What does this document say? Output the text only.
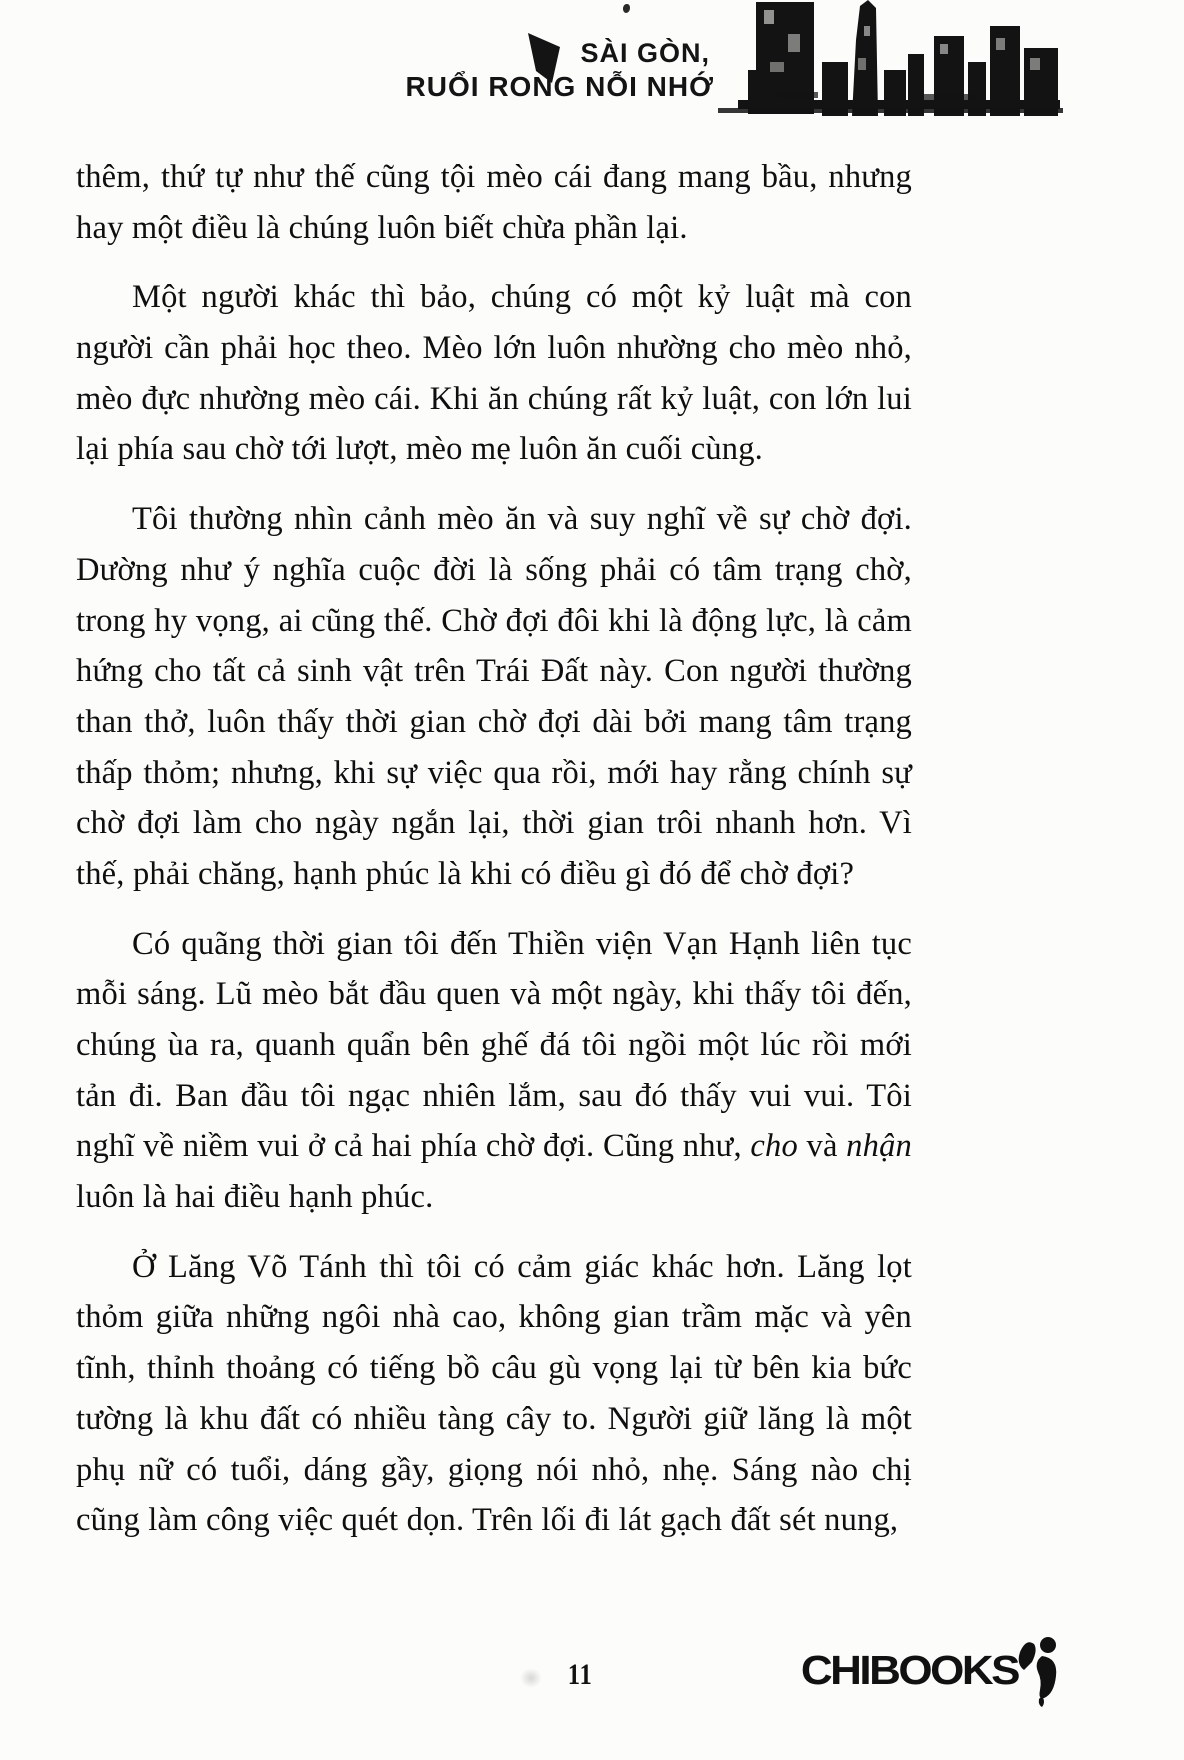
SÀI GÒN,
RUỔI RONG NỖI NHỚ

thêm, thứ tự như thế cũng tội mèo cái đang mang bầu, nhưng hay một điều là chúng luôn biết chừa phần lại.

Một người khác thì bảo, chúng có một kỷ luật mà con người cần phải học theo. Mèo lớn luôn nhường cho mèo nhỏ, mèo đực nhường mèo cái. Khi ăn chúng rất kỷ luật, con lớn lui lại phía sau chờ tới lượt, mèo mẹ luôn ăn cuối cùng.

Tôi thường nhìn cảnh mèo ăn và suy nghĩ về sự chờ đợi. Dường như ý nghĩa cuộc đời là sống phải có tâm trạng chờ, trong hy vọng, ai cũng thế. Chờ đợi đôi khi là động lực, là cảm hứng cho tất cả sinh vật trên Trái Đất này. Con người thường than thở, luôn thấy thời gian chờ đợi dài bởi mang tâm trạng thấp thỏm; nhưng, khi sự việc qua rồi, mới hay rằng chính sự chờ đợi làm cho ngày ngắn lại, thời gian trôi nhanh hơn. Vì thế, phải chăng, hạnh phúc là khi có điều gì đó để chờ đợi?

Có quãng thời gian tôi đến Thiền viện Vạn Hạnh liên tục mỗi sáng. Lũ mèo bắt đầu quen và một ngày, khi thấy tôi đến, chúng ùa ra, quanh quẩn bên ghế đá tôi ngồi một lúc rồi mới tản đi. Ban đầu tôi ngạc nhiên lắm, sau đó thấy vui vui. Tôi nghĩ về niềm vui ở cả hai phía chờ đợi. Cũng như, cho và nhận luôn là hai điều hạnh phúc.

Ở Lăng Võ Tánh thì tôi có cảm giác khác hơn. Lăng lọt thỏm giữa những ngôi nhà cao, không gian trầm mặc và yên tĩnh, thỉnh thoảng có tiếng bồ câu gù vọng lại từ bên kia bức tường là khu đất có nhiều tàng cây to. Người giữ lăng là một phụ nữ có tuổi, dáng gầy, giọng nói nhỏ, nhẹ. Sáng nào chị cũng làm công việc quét dọn. Trên lối đi lát gạch đất sét nung,

11	CHIBOOKS
